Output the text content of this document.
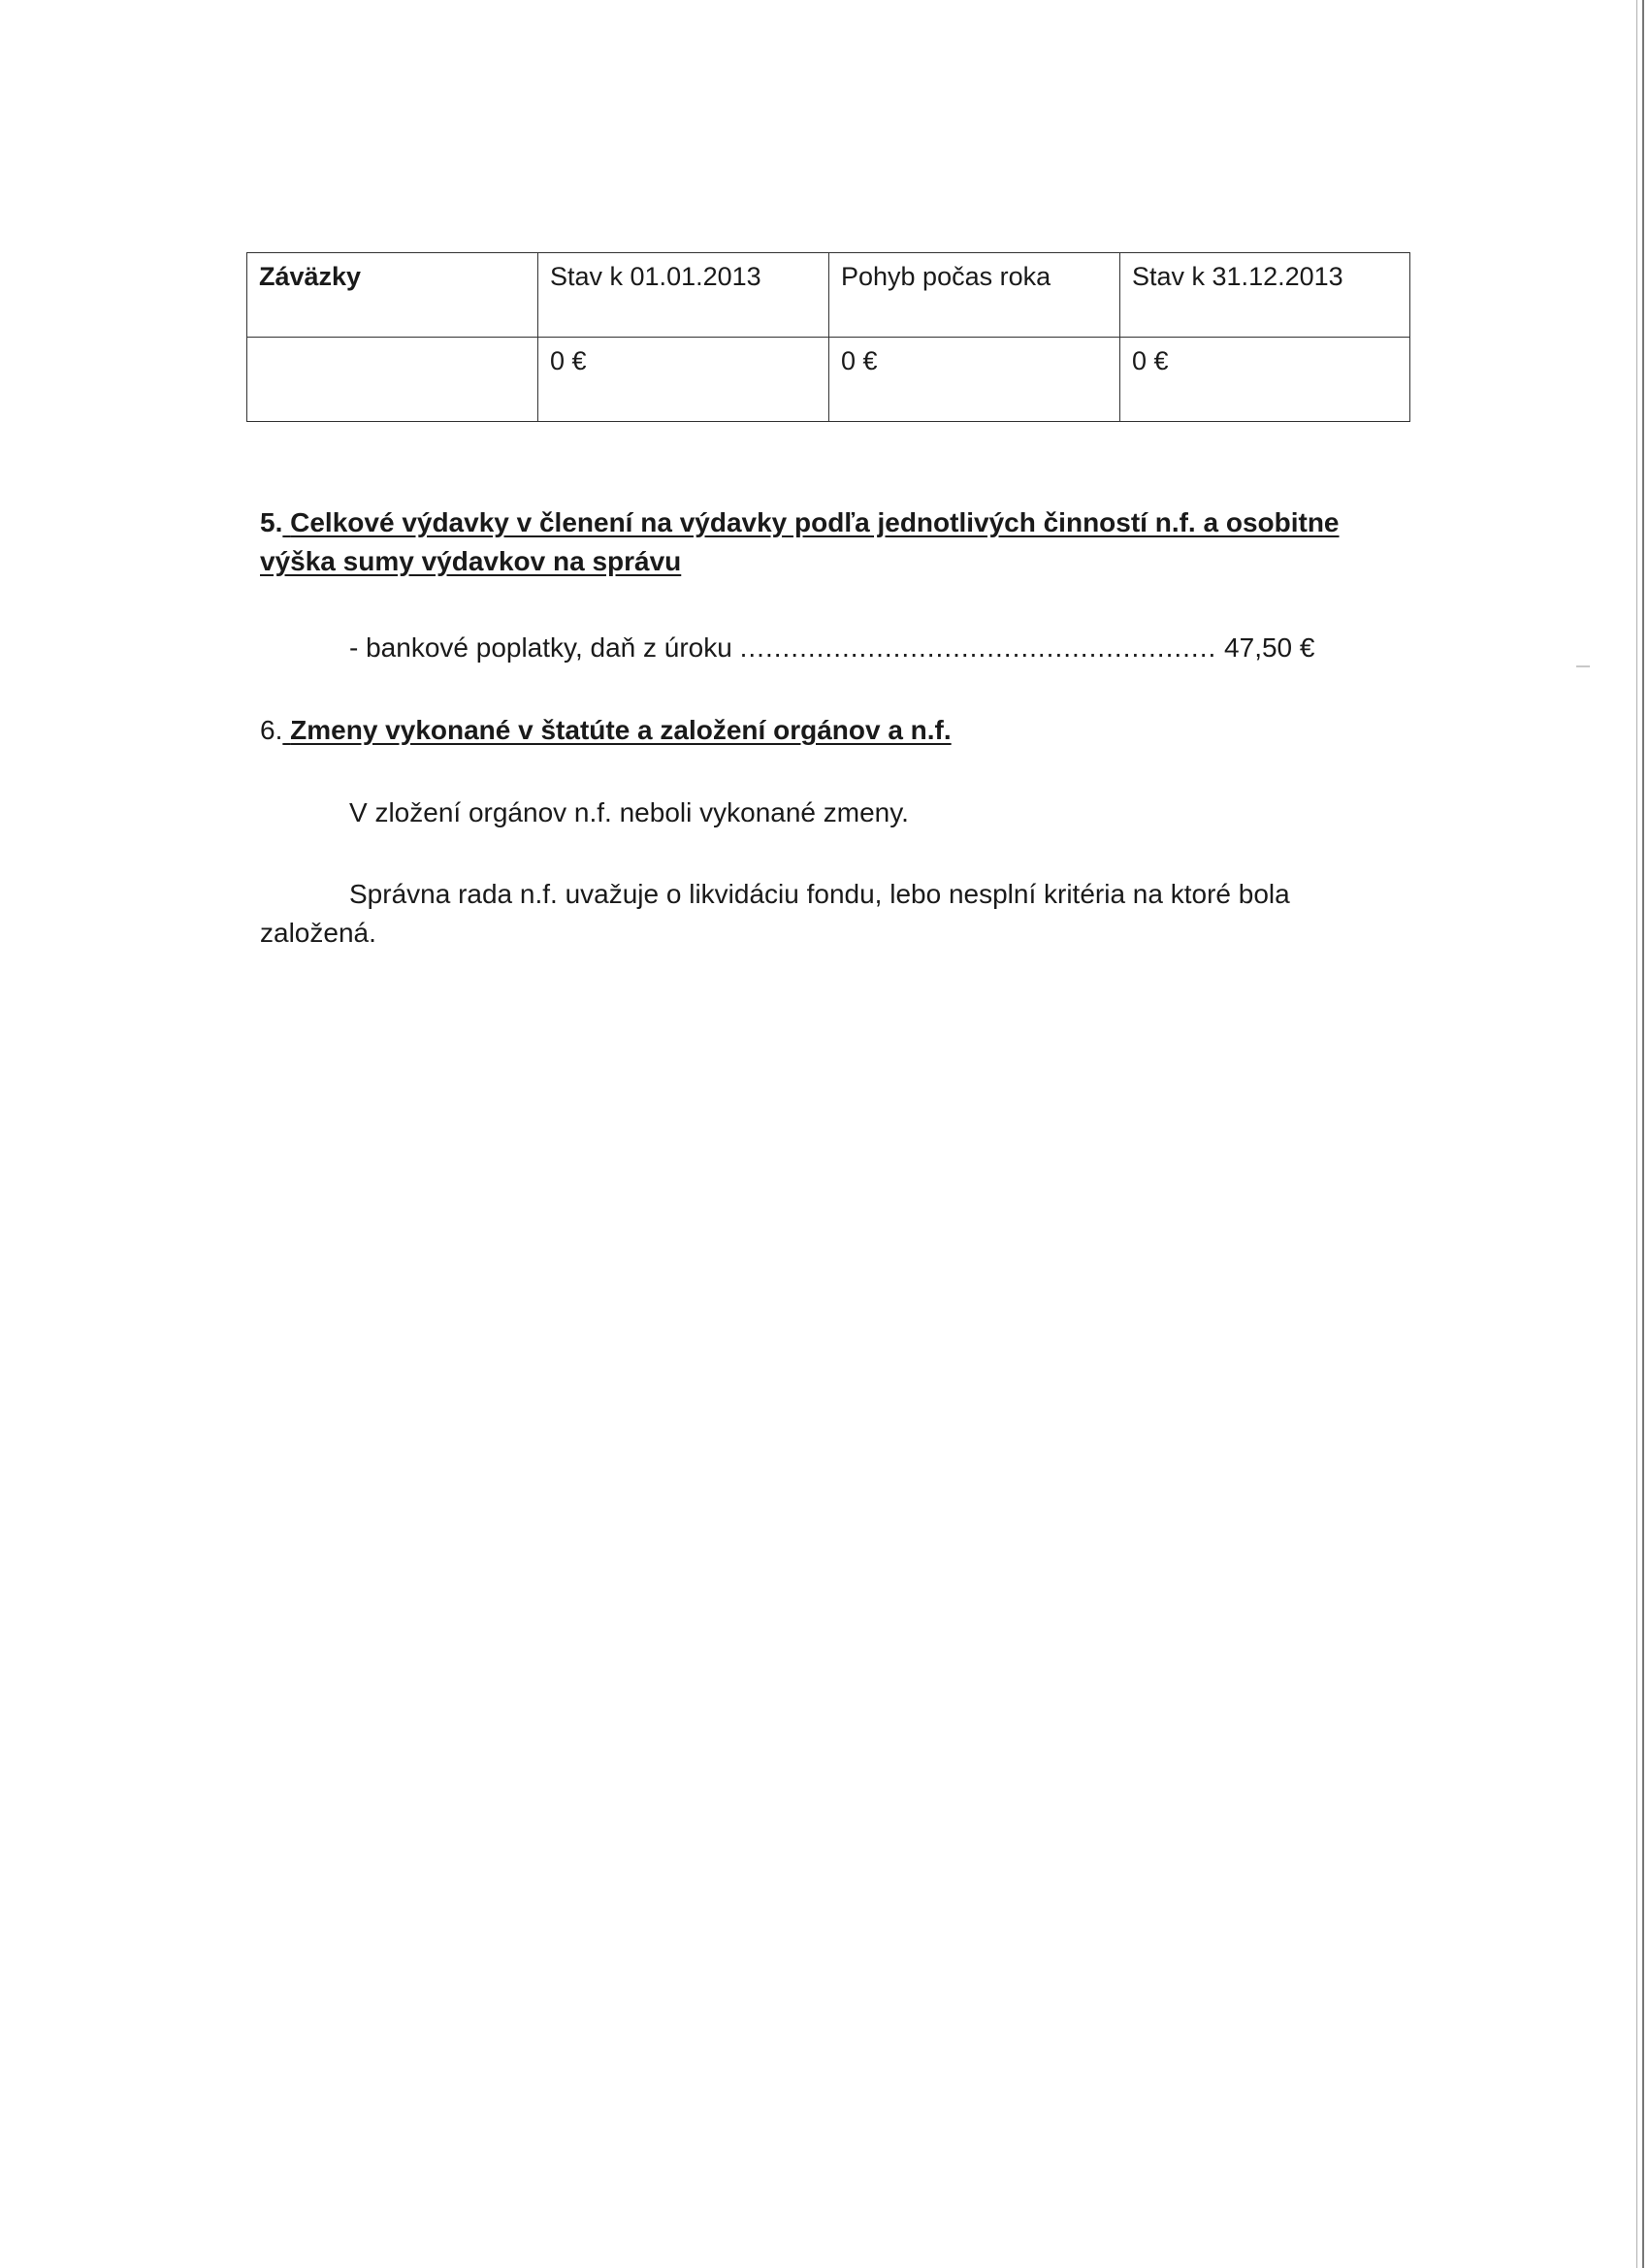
Záväzky	Stav k 01.01.2013	Pohyb počas roka	Stav k 31.12.2013
	0 €	0 €	0 €
5. Celkové výdavky v členení na výdavky podľa jednotlivých činností n.f. a osobitne výška sumy výdavkov na správu
- bankové poplatky, daň z úroku ........................................................ 47,50 €
6. Zmeny vykonané v štatúte a založení orgánov a n.f.
V zložení orgánov n.f. neboli vykonané zmeny.
Správna rada n.f. uvažuje o likvidáciu fondu, lebo nesplní kritéria na ktoré bola založená.
